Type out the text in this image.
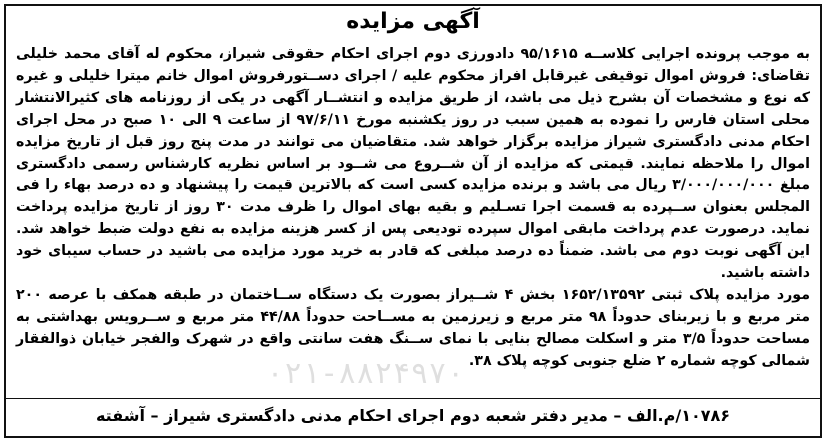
آگهی مزایده

به موجب پرونده اجرایی کلاســه ۹۵/۱۶۱۵ دادورزی دوم اجرای احکام حقوقی شیراز، محکوم له آقای محمد خلیلی تقاضای: فروش اموال توقیفی غیرقابل افراز محکوم علیه / اجرای دســتورفروش اموال خانم میترا خلیلی و غیره که نوع و مشخصات آن بشرح ذیل می باشد، از طریق مزایده و انتشــار آگهی در یکی از روزنامه های کثیرالانتشار محلی استان فارس را نموده به همین سبب در روز یکشنبه مورخ ۹۷/۶/۱۱ از ساعت ۹ الی ۱۰ صبح در محل اجرای احکام مدنی دادگستری شیراز مزایده برگزار خواهد شد. متقاضیان می توانند در مدت پنج روز قبل از تاریخ مزایده اموال را ملاحظه نمایند. قیمتی که مزایده از آن شــروع می شــود بر اساس نظریه کارشناس رسمی دادگستری مبلغ ۳/۰۰۰/۰۰۰/۰۰۰ ریال می باشد و برنده مزایده کسی است که بالاترین قیمت را پیشنهاد و ده درصد بهاء را فی المجلس بعنوان ســپرده به قسمت اجرا تسـلیم و بقیه بهای اموال را ظرف مدت ۳۰ روز از تاریخ مزایده پرداخت نماید. درصورت عدم پرداخت مابقی اموال سپرده تودیعی پس از کسر هزینه مزایده به نفع دولت ضبط خواهد شد. این آگهی نوبت دوم می باشد. ضمناً ده درصد مبلغی که قادر به خرید مورد مزایده می باشید در حساب سیبای خود داشته باشید.

مورد مزایده پلاک ثبتی ۱۶۵۲/۱۳۵۹۲ بخش ۴ شــیراز بصورت یک دستگاه ســاختمان در طبقه همکف با عرصه ۲۰۰ متر مربع و با زیربنای حدوداً ۹۸ متر مربع و زیرزمین به مســاحت حدوداً ۴۴/۸۸ متر مربع و ســرویس بهداشتی به مساحت حدوداً ۳/۵ متر و اسکلت مصالح بنایی با نمای ســنگ هفت سانتی واقع در شهرک والفجر خیابان ذوالفقار شمالی کوچه شماره ۲ ضلع جنوبی کوچه پلاک ۳۸.

۰۲۱-۸۸۲۴۹۷۰
۱۰۷۸۶/م.الف – مدیر دفتر شعبه دوم اجرای احکام مدنی دادگستری شیراز – آشفته
